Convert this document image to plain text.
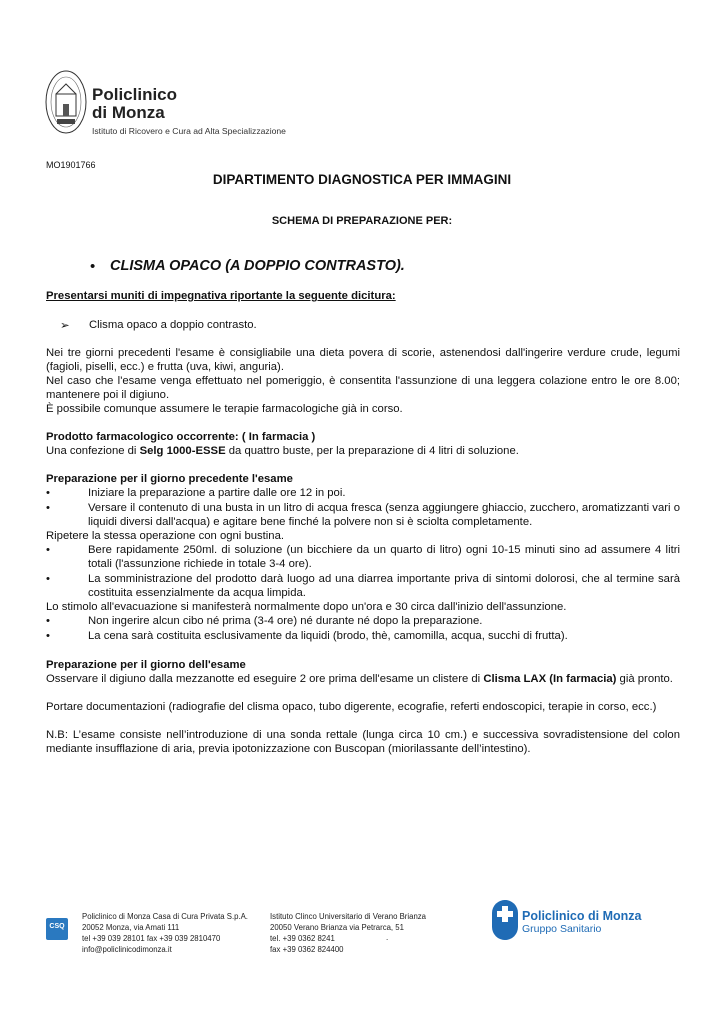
Policlinico
di Monza
Istituto di Ricovero e Cura ad Alta Specializzazione
MO1901766
DIPARTIMENTO DIAGNOSTICA PER IMMAGINI
SCHEMA DI PREPARAZIONE PER:
• CLISMA OPACO (A DOPPIO CONTRASTO).
Presentarsi muniti di impegnativa riportante la seguente dicitura:
➢ Clisma opaco a doppio contrasto.
Nei tre giorni precedenti l'esame è consigliabile una dieta povera di scorie, astenendosi dall'ingerire verdure crude, legumi (fagioli, piselli, ecc.) e frutta (uva, kiwi, anguria).
Nel caso che l'esame venga effettuato nel pomeriggio, è consentita l'assunzione di una leggera colazione entro le ore 8.00; mantenere poi il digiuno.
È possibile comunque assumere le terapie farmacologiche già in corso.
Prodotto farmacologico occorrente: ( In farmacia )
Una confezione di Selg 1000-ESSE da quattro buste, per la preparazione di 4 litri di soluzione.
Preparazione per il giorno precedente l'esame
•	Iniziare la preparazione a partire dalle ore 12 in poi.
•	Versare il contenuto di una busta in un litro di acqua fresca (senza aggiungere ghiaccio, zucchero, aromatizzanti vari o liquidi diversi dall'acqua) e agitare bene finché la polvere non si è sciolta completamente.
Ripetere la stessa operazione con ogni bustina.
•	Bere rapidamente 250ml. di soluzione (un bicchiere da un quarto di litro) ogni 10-15 minuti sino ad assumere 4 litri totali (l'assunzione richiede in totale 3-4 ore).
•	La somministrazione del prodotto darà luogo ad una diarrea importante priva di sintomi dolorosi, che al termine sarà costituita essenzialmente da acqua limpida.
Lo stimolo all'evacuazione si manifesterà normalmente dopo un'ora e 30 circa dall'inizio dell'assunzione.
•	Non ingerire alcun cibo né prima (3-4 ore) né durante né dopo la preparazione.
•	La cena sarà costituita esclusivamente da liquidi (brodo, thè, camomilla, acqua, succhi di frutta).
Preparazione per il giorno dell'esame
Osservare il digiuno dalla mezzanotte ed eseguire 2 ore prima dell'esame un clistere di Clisma LAX (In farmacia) già pronto.
Portare documentazioni (radiografie del clisma opaco, tubo digerente, ecografie, referti endoscopici, terapie in corso, ecc.)
N.B: L’esame consiste nell’introduzione di una sonda rettale (lunga circa 10 cm.) e successiva sovradistensione del colon mediante insufflazione di aria, previa ipotonizzazione con Buscopan (miorilassante dell’intestino).
CSQ
Policlinico di Monza Casa di Cura Privata S.p.A.
20052 Monza, via Amati 111
tel +39 039 28101 fax +39 039 2810470
info@policlinicodimonza.it
Istituto Clinco Universitario di Verano Brianza
20050 Verano Brianza via Petrarca, 51
tel. +39 0362 8241
fax +39 0362 824400
.
Policlinico di Monza
Gruppo Sanitario
